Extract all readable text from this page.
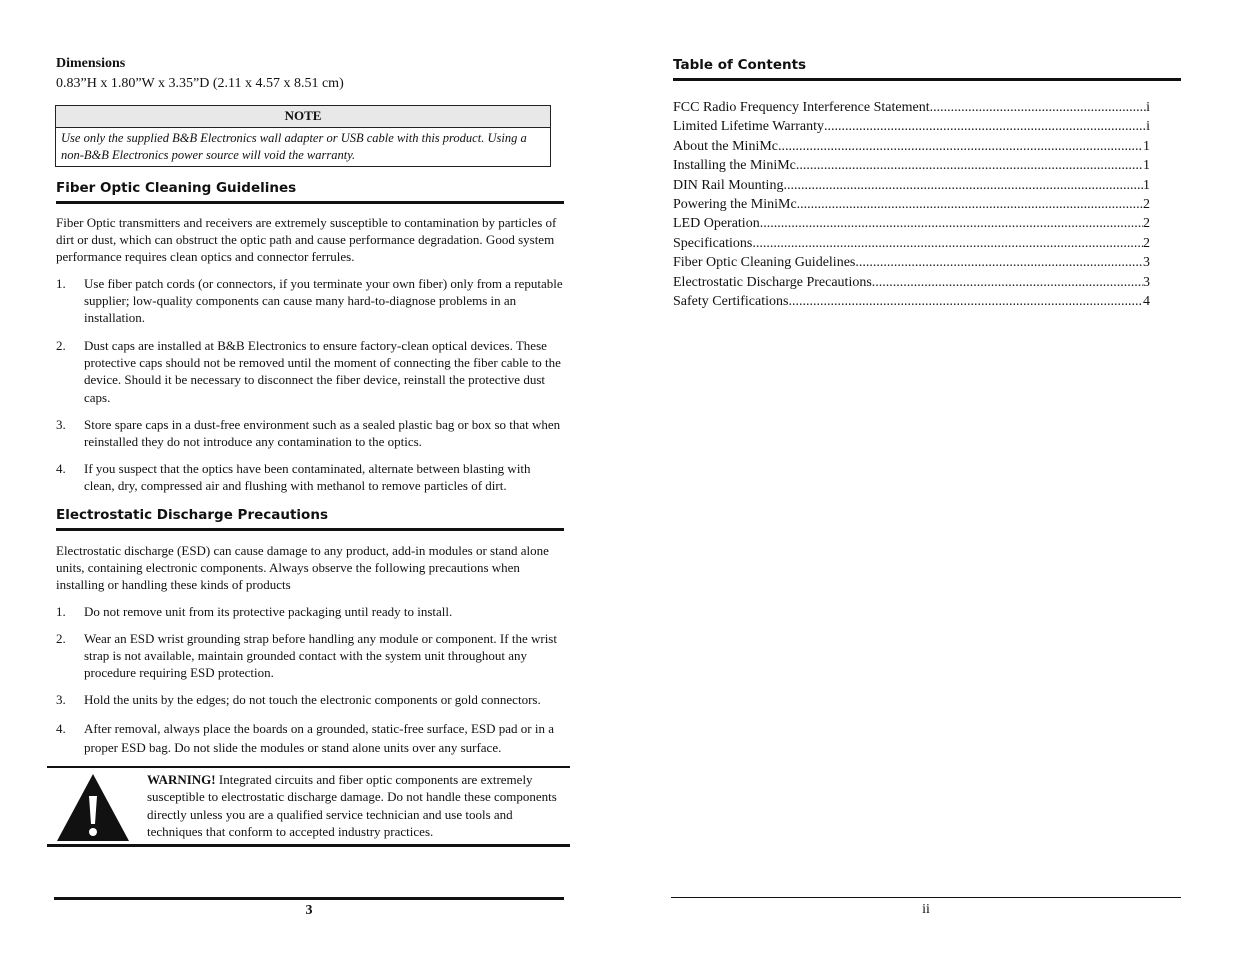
Dimensions
0.83”H x 1.80”W x 3.35”D (2.11 x 4.57 x 8.51 cm)
NOTE
Use only the supplied B&B Electronics wall adapter or USB cable with this product. Using a non-B&B Electronics power source will void the warranty.
Fiber Optic Cleaning Guidelines
Fiber Optic transmitters and receivers are extremely susceptible to contamination by particles of dirt or dust, which can obstruct the optic path and cause performance degradation. Good system performance requires clean optics and connector ferrules.
1. Use fiber patch cords (or connectors, if you terminate your own fiber) only from a reputable supplier; low-quality components can cause many hard-to-diagnose problems in an installation.
2. Dust caps are installed at B&B Electronics to ensure factory-clean optical devices. These protective caps should not be removed until the moment of connecting the fiber cable to the device. Should it be necessary to disconnect the fiber device, reinstall the protective dust caps.
3. Store spare caps in a dust-free environment such as a sealed plastic bag or box so that when reinstalled they do not introduce any contamination to the optics.
4. If you suspect that the optics have been contaminated, alternate between blasting with clean, dry, compressed air and flushing with methanol to remove particles of dirt.
Electrostatic Discharge Precautions
Electrostatic discharge (ESD) can cause damage to any product, add-in modules or stand alone units, containing electronic components. Always observe the following precautions when installing or handling these kinds of products
1. Do not remove unit from its protective packaging until ready to install.
2. Wear an ESD wrist grounding strap before handling any module or component. If the wrist strap is not available, maintain grounded contact with the system unit throughout any procedure requiring ESD protection.
3. Hold the units by the edges; do not touch the electronic components or gold connectors.
4. After removal, always place the boards on a grounded, static-free surface, ESD pad or in a proper ESD bag. Do not slide the modules or stand alone units over any surface.
WARNING! Integrated circuits and fiber optic components are extremely susceptible to electrostatic discharge damage. Do not handle these components directly unless you are a qualified service technician and use tools and techniques that conform to accepted industry practices.
3
Table of Contents
FCC Radio Frequency Interference Statement .....	i
Limited Lifetime Warranty .....	i
About the MiniMc .....	1
Installing the MiniMc .....	1
DIN Rail Mounting .....	1
Powering the MiniMc .....	2
LED Operation .....	2
Specifications .....	2
Fiber Optic Cleaning Guidelines .....	3
Electrostatic Discharge Precautions .....	3
Safety Certifications .....	4
ii
